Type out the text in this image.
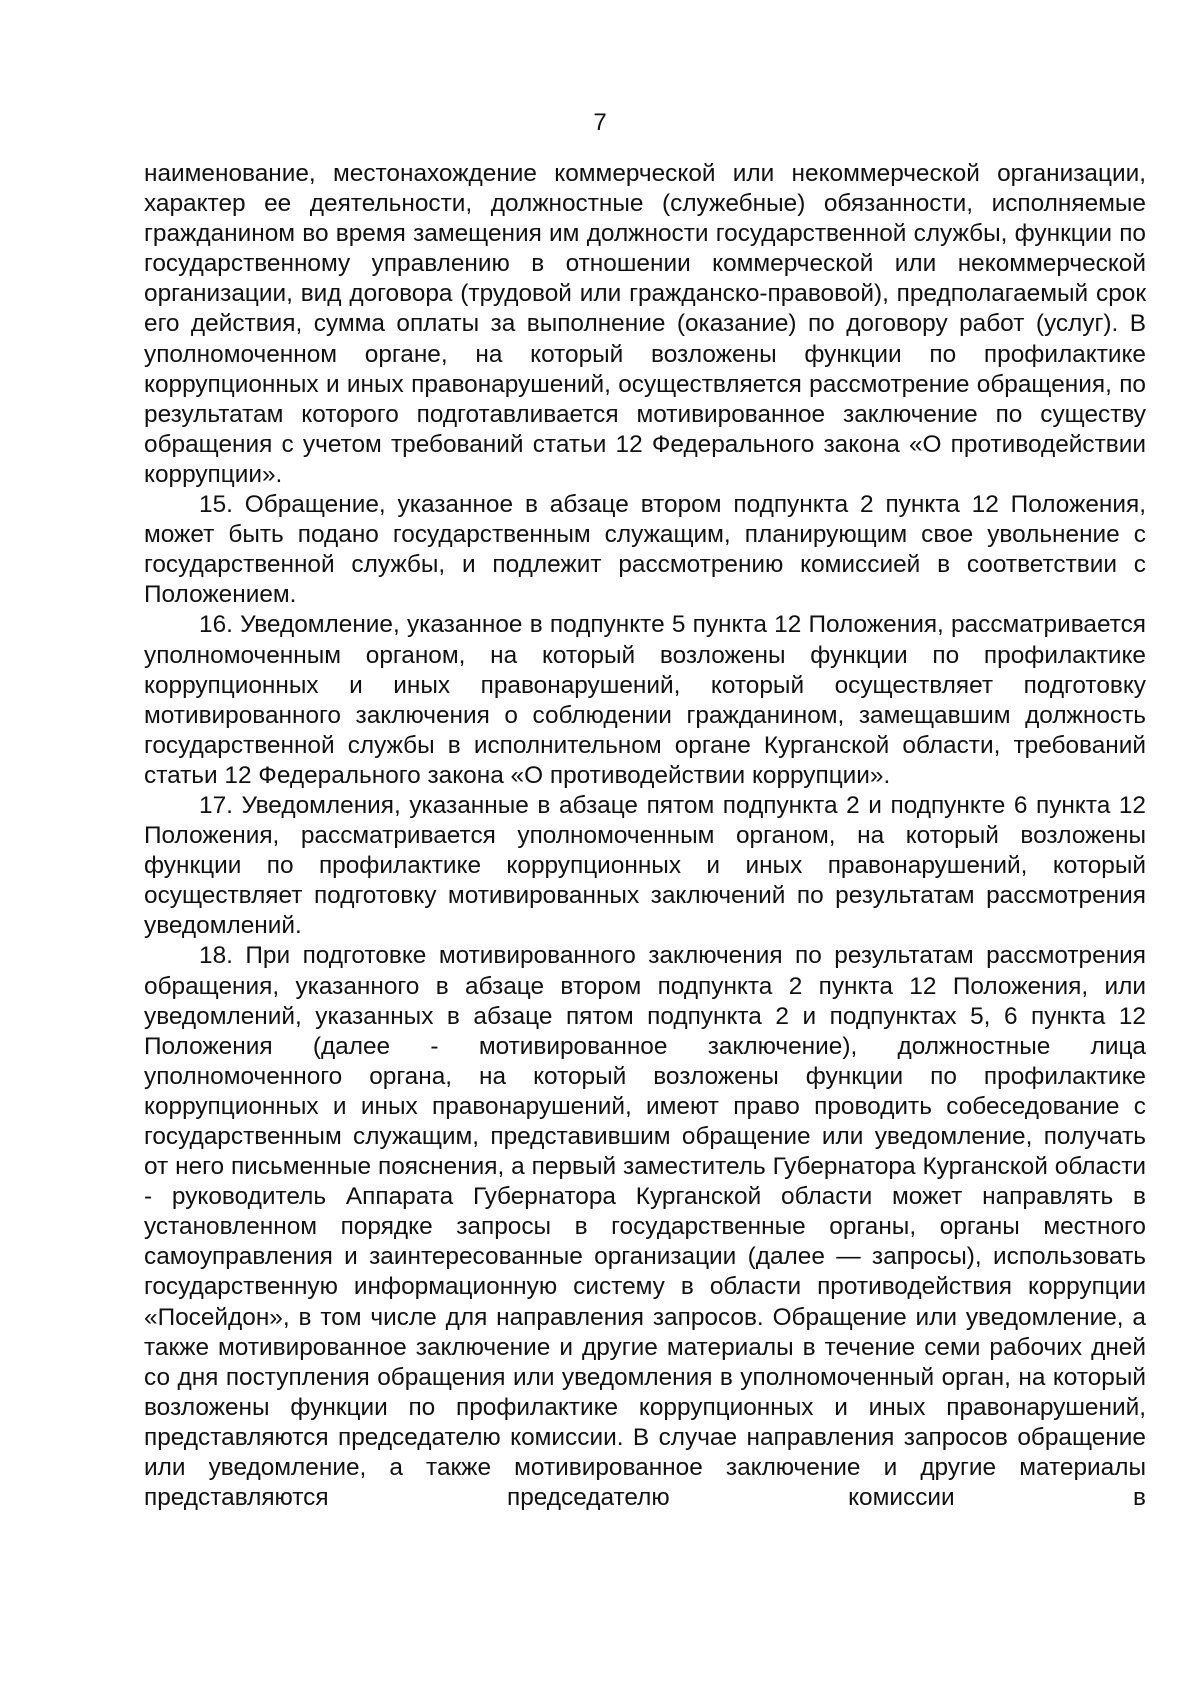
7

наименование, местонахождение коммерческой или некоммерческой организации, характер ее деятельности, должностные (служебные) обязанности, исполняемые гражданином во время замещения им должности государственной службы, функции по государственному управлению в отношении коммерческой или некоммерческой организации, вид договора (трудовой или гражданско-правовой), предполагаемый срок его действия, сумма оплаты за выполнение (оказание) по договору работ (услуг). В уполномоченном органе, на который возложены функции по профилактике коррупционных и иных правонарушений, осуществляется рассмотрение обращения, по результатам которого подготавливается мотивированное заключение по существу обращения с учетом требований статьи 12 Федерального закона «О противодействии коррупции».

15. Обращение, указанное в абзаце втором подпункта 2 пункта 12 Положения, может быть подано государственным служащим, планирующим свое увольнение с государственной службы, и подлежит рассмотрению комиссией в соответствии с Положением.

16. Уведомление, указанное в подпункте 5 пункта 12 Положения, рассматривается уполномоченным органом, на который возложены функции по профилактике коррупционных и иных правонарушений, который осуществляет подготовку мотивированного заключения о соблюдении гражданином, замещавшим должность государственной службы в исполнительном органе Курганской области, требований статьи 12 Федерального закона «О противодействии коррупции».

17. Уведомления, указанные в абзаце пятом подпункта 2 и подпункте 6 пункта 12 Положения, рассматривается уполномоченным органом, на который возложены функции по профилактике коррупционных и иных правонарушений, который осуществляет подготовку мотивированных заключений по результатам рассмотрения уведомлений.

18. При подготовке мотивированного заключения по результатам рассмотрения обращения, указанного в абзаце втором подпункта 2 пункта 12 Положения, или уведомлений, указанных в абзаце пятом подпункта 2 и подпунктах 5, 6 пункта 12 Положения (далее - мотивированное заключение), должностные лица уполномоченного органа, на который возложены функции по профилактике коррупционных и иных правонарушений, имеют право проводить собеседование с государственным служащим, представившим обращение или уведомление, получать от него письменные пояснения, а первый заместитель Губернатора Курганской области - руководитель Аппарата Губернатора Курганской области может направлять в установленном порядке запросы в государственные органы, органы местного самоуправления и заинтересованные организации (далее — запросы), использовать государственную информационную систему в области противодействия коррупции «Посейдон», в том числе для направления запросов. Обращение или уведомление, а также мотивированное заключение и другие материалы в течение семи рабочих дней со дня поступления обращения или уведомления в уполномоченный орган, на который возложены функции по профилактике коррупционных и иных правонарушений, представляются председателю комиссии. В случае направления запросов обращение или уведомление, а также мотивированное заключение и другие материалы представляются председателю комиссии в
